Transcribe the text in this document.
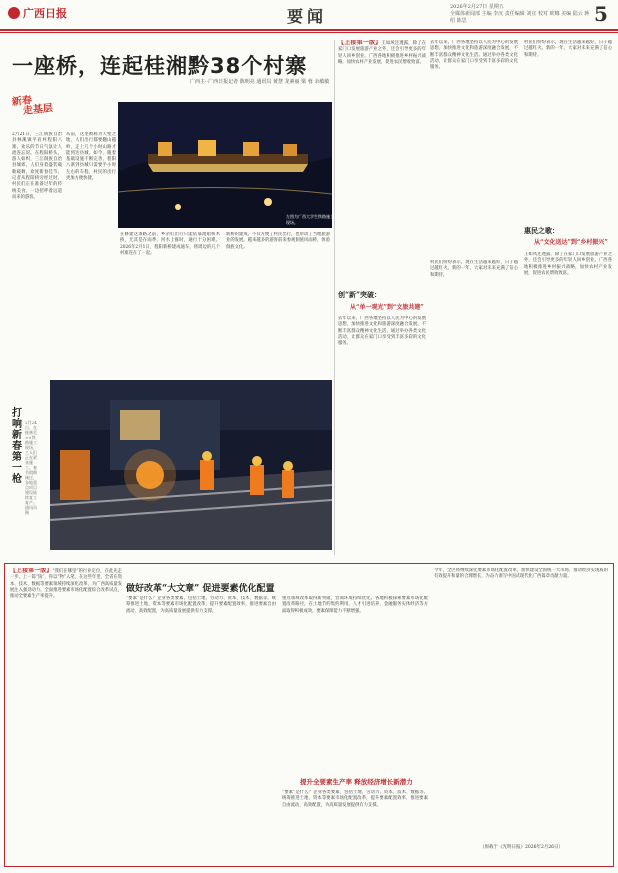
广西日报	要闻	2026年2月27日 星期五
全媒体新闻部 主编 李沉 责任编辑 刘宜 校对 欧娜 美编 陆云 蒋绍 陈思	5
一座桥，连起桂湘黔38个村寨
广西主··广西日报记者 陈明亮 通讯员 黄慧 龙素丽 梁 蓉 余敏敏
新春
走基层
2月21日，三江侗族自治县林溪镇平岩村程阳八寨，欢乐的节日气氛让人流连忘返。在程阳桥头，游人如织，三江侗族自治县城郊，人们身着盛装载歌载舞，欢度新春佳节。记者从程阳桥旁经过时，村民们正在准备过年的传统美食，一边招呼着远道而来的游客。
从前，这里被称为天堑之地，人们出行都要翻山越岭，走上几个小时山路才能到达县城。如今，随着基础设施不断完善，程阳八寨到县城只需要半小时左右的车程，村民的出行更加方便快捷。
在修建这条路之前，乡亲们出行只能依靠渡船和木桥，尤其是在雨季，河水上涨时，通行十分困难。2026年2月1日，程阳新桥建成通车，将周边的几个村寨连在了一起。
新桥的建成，不仅方便了村民出行，也带动了当地旅游业的发展。越来越多的游客前来参观侗族风雨桥，体验侗族文化。
左图为广西大学生铁路施工现场。
打响新春第一枪
2月24日，在桂林至××铁路施工现场，工人们正在紧张施工。春节假期刚过，各地重点项目建设陆续复工复产。通讯员 摄
【上接第一版】王如风还透露，除了在家门口发展旅游产业之外，还会引导更多的年轻人回乡创业。广西各地积极推进乡村振兴战略，加快农村产业发展，促进农民增收致富。
去年以来，广西各地坚持以人民为中心的发展思想，加快推进文化和旅游深度融合发展，不断丰富群众精神文化生活。通过举办各类文化活动，让群众在家门口享受到丰富多彩的文化服务。
村民们纷纷表示，现在生活越来越好，日子越过越红火。新的一年，大家对未来充满了信心和期待。
惠民之歌：
从“文化送达”到“乡村振兴”
创“新”突破：
从“单一观光”到“文旅共建”
去年以来，广西各地坚持以人民为中心的发展思想，加快推进文化和旅游深度融合发展，不断丰富群众精神文化生活。通过举办各类文化活动，让群众在家门口享受到丰富多彩的文化服务。
村民们纷纷表示，现在生活越来越好，日子越过越红火。新的一年，大家对未来充满了信心和期待。
王如风还透露，除了在家门口发展旅游产业之外，还会引导更多的年轻人回乡创业。广西各地积极推进乡村振兴战略，加快农村产业发展，促进农民增收致富。
做好改革“大文章” 促进要素优化配置
提升全要素生产率 释放经济增长新潜力
【上接第一版】“我们在哪里”的行业定位，在此先走一步。上一篇“钱”，你以“物”入笔，在这些年里，全省在资本、技术、数据等要素领域持续深化改革，为广西高质量发展注入强劲动力。全面推进要素市场化配置综合改革试点，推动全要素生产率提升。	“要素”是什么？企业各类要素，包括土地、劳动力、资本、技术、数据等。统筹推进土地、资本等要素市场化配置改革，提升要素配置效率，推进要素自由流动、高效配置，为高质量发展提供有力支撑。
重点领域改革取得新突破，营商环境持续优化。各地积极探索要素市场化配置改革路径，在土地节约集约利用、人才引进培养、金融服务实体经济等方面取得积极成效，要素保障能力不断增强。
“要素”是什么？企业各类要素，包括土地、劳动力、资本、技术、数据等。统筹推进土地、资本等要素市场化配置改革，提升要素配置效率，推进要素自由流动、高效配置，为高质量发展提供有力支撑。
今年，全区将继续深化要素市场化配置改革，加快建设全国统一大市场，推动经济实现质的有效提升和量的合理增长，为奋力谱写中国式现代化广西篇章贡献力量。
（原载于《光明日报》2026年2月26日）
